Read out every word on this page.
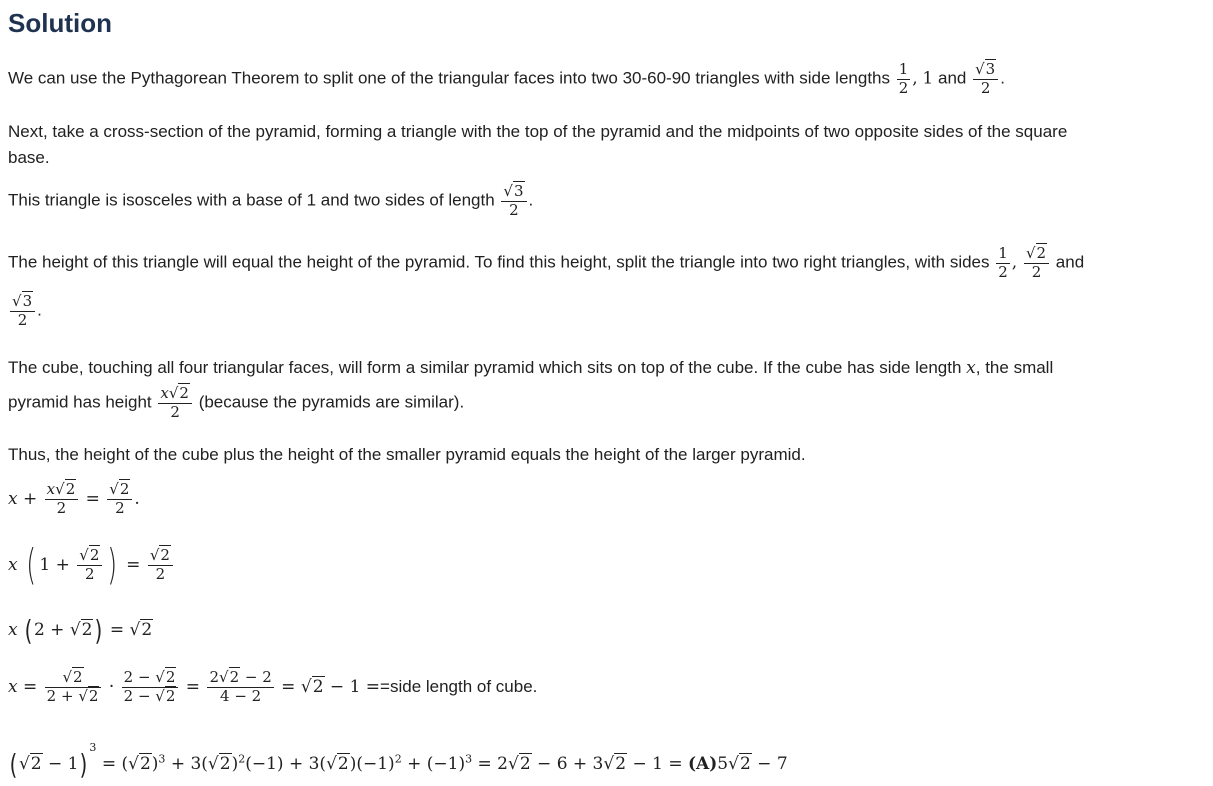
Solution
We can use the Pythagorean Theorem to split one of the triangular faces into two 30-60-90 triangles with side lengths $\frac{1}{2}$ , 1 and $\frac{√3}{2}$ .
Next, take a cross-section of the pyramid, forming a triangle with the top of the pyramid and the midpoints of two opposite sides of the square
base.
This triangle is isosceles with a base of 1 and two sides of length $\frac{√3}{2}$ .
The height of this triangle will equal the height of the pyramid. To find this height, split the triangle into two right triangles, with sides $\frac{1}{2}$ , $\frac{√2}{2}$ and
$\frac{√3}{2}$ .
The cube, touching all four triangular faces, will form a similar pyramid which sits on top of the cube. If the cube has side length x, the small
pyramid has height $\frac{x√2}{2}$ (because the pyramids are similar).
Thus, the height of the cube plus the height of the smaller pyramid equals the height of the larger pyramid.
$x + \frac{x√2}{2} = \frac{√2}{2}$ .
x ( $1 + \frac{√2}{2}$ ) = $\frac{√2}{2}$
x (2 + √2) = √2
$x = \frac{√2}{2 + √2} \cdot \frac{2 - √2}{2 - √2} = \frac{2√2 - 2}{4 - 2} = √2 - 1$ ==side length of cube.
(√2 − 1) $^3 = (√2)^3 + 3(√2)^2(-1) + 3(√2)(-1)^2 + (-1)^3 = 2√2 - 6 + 3√2 - 1 = (A)5√2 - 7$
